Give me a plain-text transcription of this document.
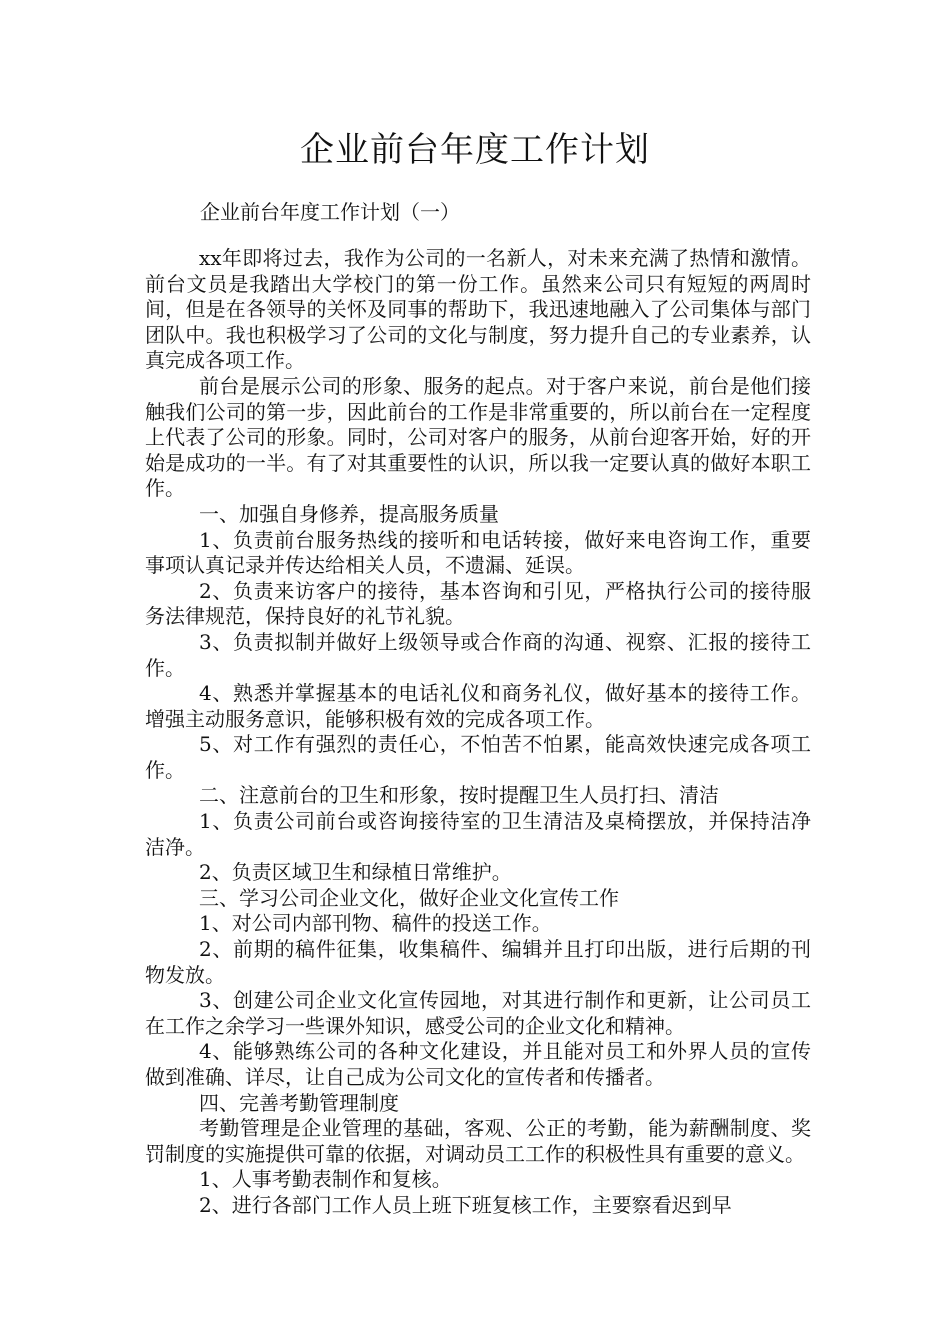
企业前台年度工作计划
企业前台年度工作计划（一）

xx年即将过去，我作为公司的一名新人，对未来充满了热情和激情。前台文员是我踏出大学校门的第一份工作。虽然来公司只有短短的两周时间，但是在各领导的关怀及同事的帮助下，我迅速地融入了公司集体与部门团队中。我也积极学习了公司的文化与制度，努力提升自己的专业素养，认真完成各项工作。

前台是展示公司的形象、服务的起点。对于客户来说，前台是他们接触我们公司的第一步，因此前台的工作是非常重要的，所以前台在一定程度上代表了公司的形象。同时，公司对客户的服务，从前台迎客开始，好的开始是成功的一半。有了对其重要性的认识，所以我一定要认真的做好本职工作。

一、加强自身修养，提高服务质量

1、负责前台服务热线的接听和电话转接，做好来电咨询工作，重要事项认真记录并传达给相关人员，不遗漏、延误。

2、负责来访客户的接待，基本咨询和引见，严格执行公司的接待服务法律规范，保持良好的礼节礼貌。

3、负责拟制并做好上级领导或合作商的沟通、视察、汇报的接待工作。

4、熟悉并掌握基本的电话礼仪和商务礼仪，做好基本的接待工作。增强主动服务意识，能够积极有效的完成各项工作。

5、对工作有强烈的责任心，不怕苦不怕累，能高效快速完成各项工作。

二、注意前台的卫生和形象，按时提醒卫生人员打扫、清洁

1、负责公司前台或咨询接待室的卫生清洁及桌椅摆放，并保持洁净洁净。

2、负责区域卫生和绿植日常维护。

三、学习公司企业文化，做好企业文化宣传工作

1、对公司内部刊物、稿件的投送工作。

2、前期的稿件征集，收集稿件、编辑并且打印出版，进行后期的刊物发放。

3、创建公司企业文化宣传园地，对其进行制作和更新，让公司员工在工作之余学习一些课外知识，感受公司的企业文化和精神。

4、能够熟练公司的各种文化建设，并且能对员工和外界人员的宣传做到准确、详尽，让自己成为公司文化的宣传者和传播者。

四、完善考勤管理制度

考勤管理是企业管理的基础，客观、公正的考勤，能为薪酬制度、奖罚制度的实施提供可靠的依据，对调动员工工作的积极性具有重要的意义。

1、人事考勤表制作和复核。

2、进行各部门工作人员上班下班复核工作，主要察看迟到早
